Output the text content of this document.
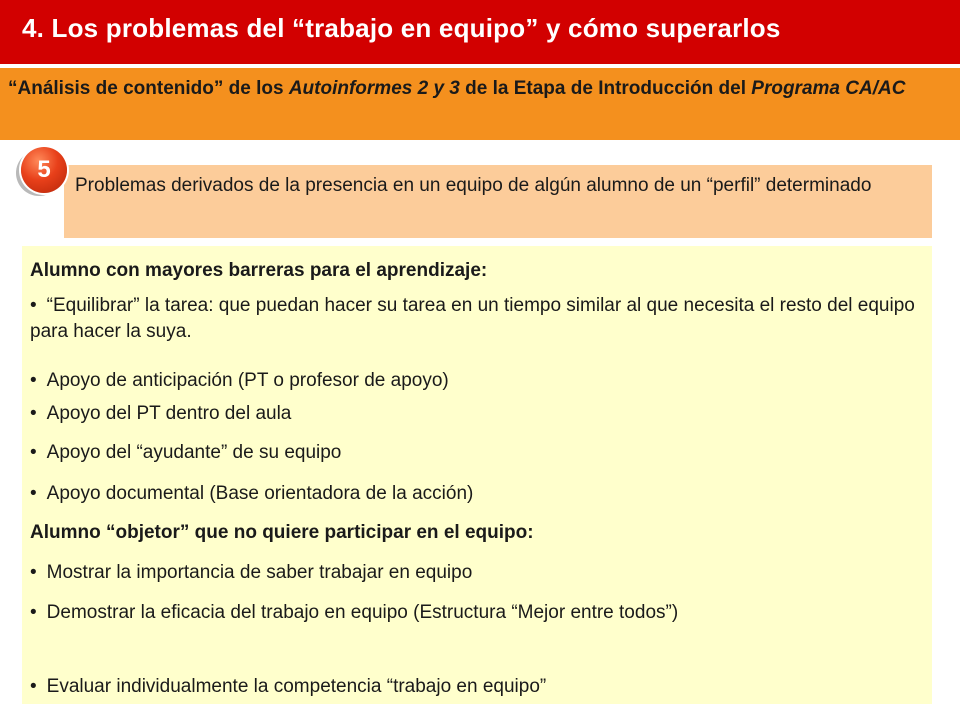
4. Los problemas del “trabajo en equipo” y cómo superarlos
“Análisis de contenido” de los Autoinformes 2 y 3 de la Etapa de Introducción del Programa CA/AC
Problemas derivados de la presencia en un equipo de algún alumno de un “perfil” determinado
5
Alumno con mayores barreras para el aprendizaje:
• “Equilibrar” la tarea: que puedan hacer su tarea en un tiempo similar al que necesita el resto del equipo para hacer la suya.
• Apoyo de anticipación (PT o profesor de apoyo)
• Apoyo del PT dentro del aula
• Apoyo del “ayudante” de su equipo
• Apoyo documental (Base orientadora de la acción)
Alumno “objetor” que no quiere participar en el equipo:
• Mostrar la importancia de saber trabajar en equipo
• Demostrar la eficacia del trabajo en equipo (Estructura “Mejor entre todos”)
• Evaluar individualmente la competencia “trabajo en equipo”
